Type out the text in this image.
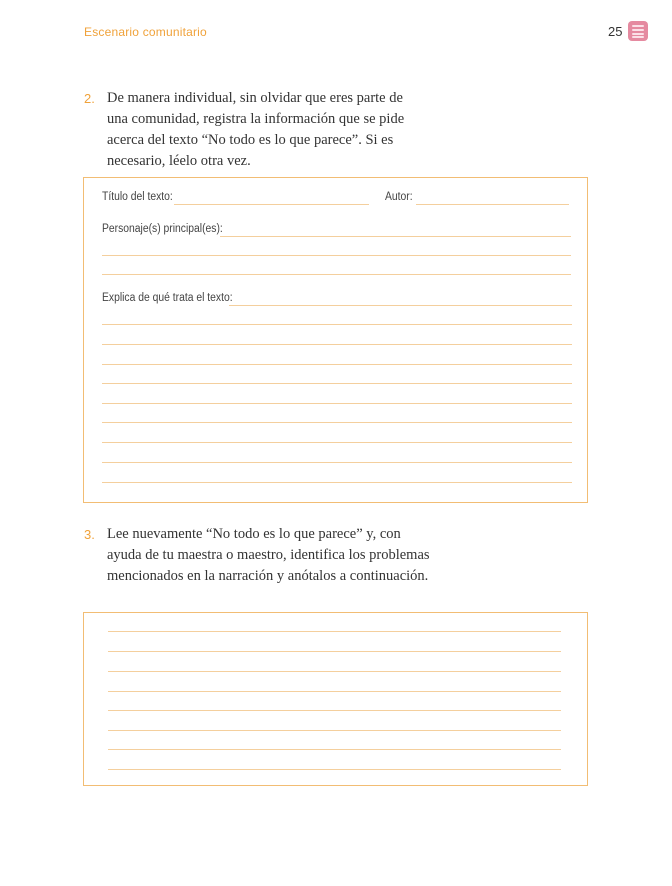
Escenario comunitario	25
2. De manera individual, sin olvidar que eres parte de
una comunidad, registra la información que se pide
acerca del texto “No todo es lo que parece”. Si es
necesario, léelo otra vez.
Título del texto:	Autor:
Personaje(s) principal(es):
Explica de qué trata el texto:
3. Lee nuevamente “No todo es lo que parece” y, con
ayuda de tu maestra o maestro, identifica los problemas
mencionados en la narración y anótalos a continuación.
